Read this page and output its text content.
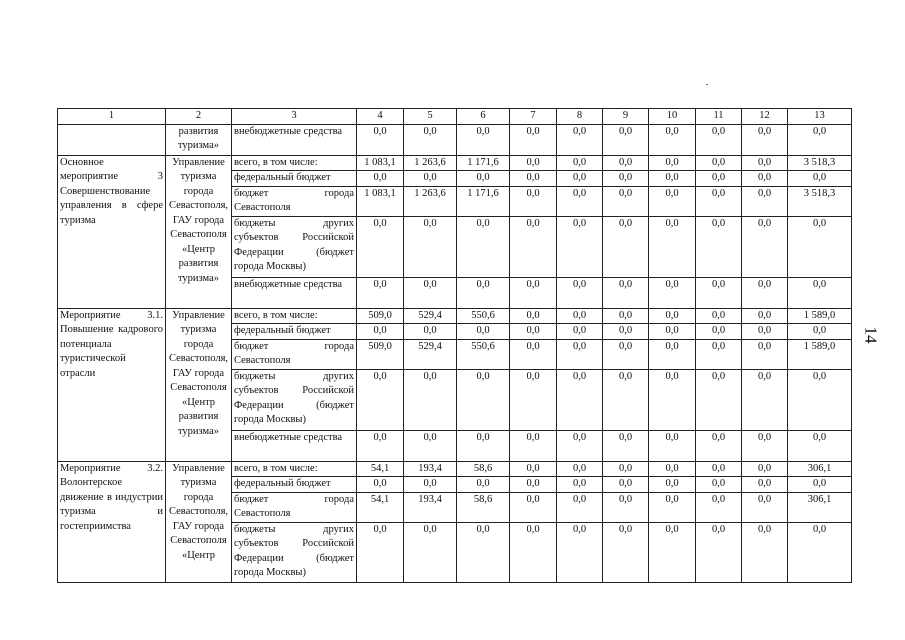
14
1	2	3	4	5	6	7	8	9	10	11	12	13
	развития туризма»	внебюджетные средства	0,0	0,0	0,0	0,0	0,0	0,0	0,0	0,0	0,0	0,0
Основное мероприятие 3 Совершенствование управления в сфере туризма	Управление туризма города Севастополя, ГАУ города Севастополя «Центр развития туризма»	всего, в том числе:	1 083,1	1 263,6	1 171,6	0,0	0,0	0,0	0,0	0,0	0,0	3 518,3
		федеральный бюджет	0,0	0,0	0,0	0,0	0,0	0,0	0,0	0,0	0,0	0,0
		бюджет города Севастополя	1 083,1	1 263,6	1 171,6	0,0	0,0	0,0	0,0	0,0	0,0	3 518,3
		бюджеты других субъектов Российской Федерации (бюджет города Москвы)	0,0	0,0	0,0	0,0	0,0	0,0	0,0	0,0	0,0	0,0
		внебюджетные средства	0,0	0,0	0,0	0,0	0,0	0,0	0,0	0,0	0,0	0,0
Мероприятие 3.1. Повышение кадрового потенциала туристической отрасли	Управление туризма города Севастополя, ГАУ города Севастополя «Центр развития туризма»	всего, в том числе:	509,0	529,4	550,6	0,0	0,0	0,0	0,0	0,0	0,0	1 589,0
		федеральный бюджет	0,0	0,0	0,0	0,0	0,0	0,0	0,0	0,0	0,0	0,0
		бюджет города Севастополя	509,0	529,4	550,6	0,0	0,0	0,0	0,0	0,0	0,0	1 589,0
		бюджеты других субъектов Российской Федерации (бюджет города Москвы)	0,0	0,0	0,0	0,0	0,0	0,0	0,0	0,0	0,0	0,0
		внебюджетные средства	0,0	0,0	0,0	0,0	0,0	0,0	0,0	0,0	0,0	0,0
Мероприятие 3.2. Волонтерское движение в индустрии туризма и гостеприимства	Управление туризма города Севастополя, ГАУ города Севастополя «Центр	всего, в том числе:	54,1	193,4	58,6	0,0	0,0	0,0	0,0	0,0	0,0	306,1
		федеральный бюджет	0,0	0,0	0,0	0,0	0,0	0,0	0,0	0,0	0,0	0,0
		бюджет города Севастополя	54,1	193,4	58,6	0,0	0,0	0,0	0,0	0,0	0,0	306,1
		бюджеты других субъектов Российской Федерации (бюджет города Москвы)	0,0	0,0	0,0	0,0	0,0	0,0	0,0	0,0	0,0	0,0
